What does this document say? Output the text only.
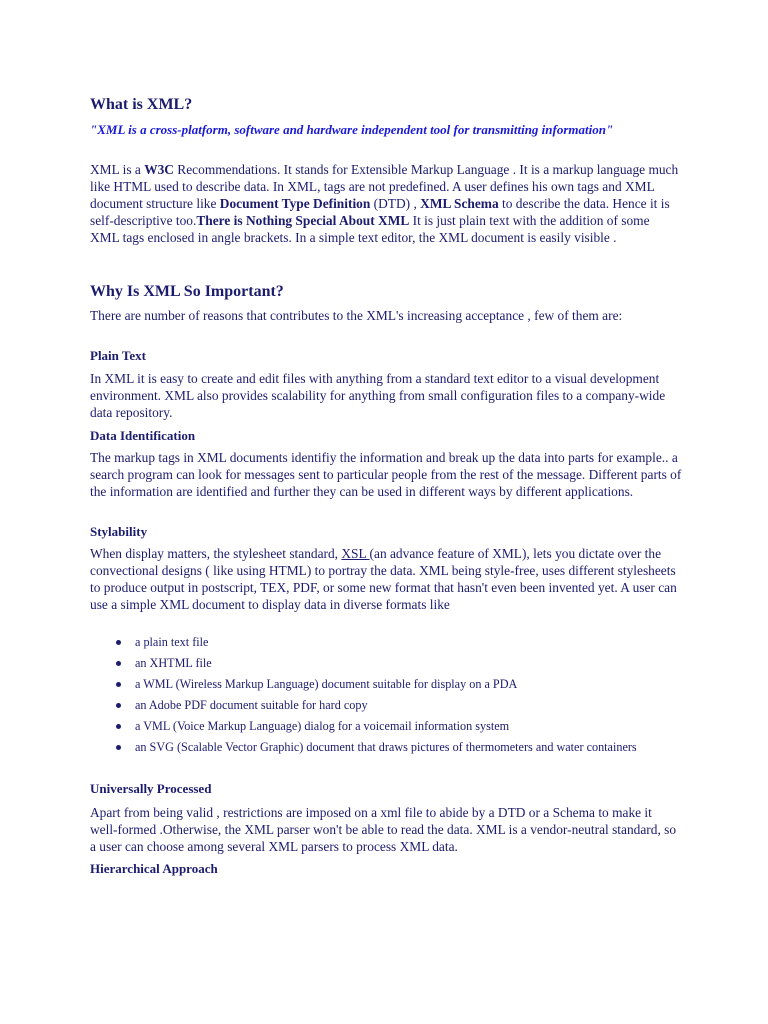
What is XML?
"XML is a cross-platform, software and hardware independent tool for transmitting information"
XML is a W3C Recommendations. It stands for Extensible Markup Language . It is a markup language much like HTML used to describe data. In XML, tags are not predefined. A user defines his own tags and XML document structure like Document Type Definition (DTD) , XML Schema to describe the data. Hence it is self-descriptive too.There is Nothing Special About XML It is just plain text with the addition of some XML tags enclosed in angle brackets. In a simple text editor, the XML document is easily visible .
Why Is XML So Important?
There are number of reasons that contributes to the XML's increasing acceptance , few of them are:
Plain Text
In XML it is easy to create and edit files with anything from a standard text editor to a visual development environment. XML also provides scalability for anything from small configuration files to a company-wide data repository.
Data Identification
The markup tags in XML documents identifiy the information and break up the data into parts for example.. a search program can look for messages sent to particular people from the rest of the message. Different parts of the information are identified and further they can be used in different ways by different applications.
Stylability
When display matters, the stylesheet standard, XSL (an advance feature of XML), lets you dictate over the convectional designs ( like using HTML) to portray the data. XML being style-free, uses different stylesheets to produce output in postscript, TEX, PDF, or some new format that hasn't even been invented yet. A user can use a simple XML document to display data in diverse formats like
a plain text file
an XHTML file
a WML (Wireless Markup Language) document suitable for display on a PDA
an Adobe PDF document suitable for hard copy
a VML (Voice Markup Language) dialog for a voicemail information system
an SVG (Scalable Vector Graphic) document that draws pictures of thermometers and water containers
Universally Processed
Apart from being valid , restrictions are imposed on a xml file to abide by a DTD or a Schema to make it well-formed .Otherwise, the XML parser won't be able to read the data. XML is a vendor-neutral standard, so a user can choose among several XML parsers to process XML data.
Hierarchical Approach
